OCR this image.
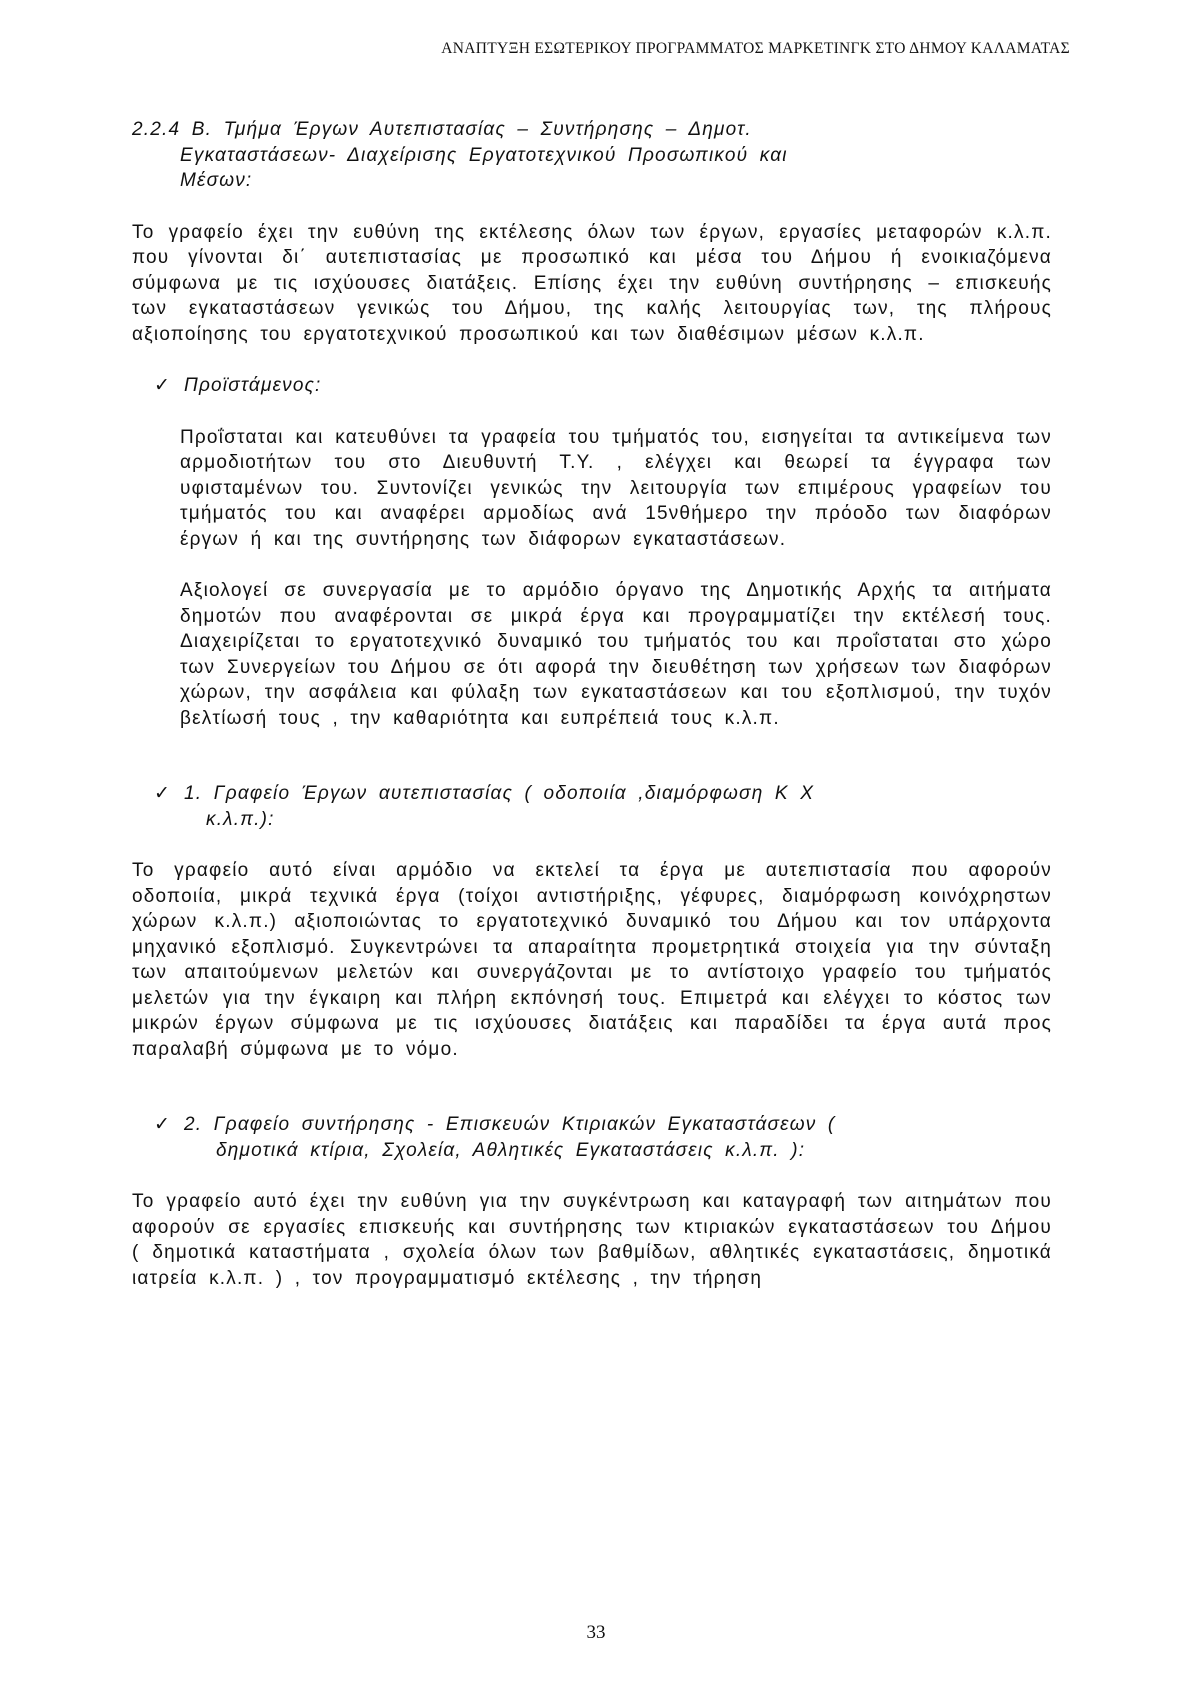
ΑΝΑΠΤΥΞΗ ΕΣΩΤΕΡΙΚΟΥ ΠΡΟΓΡΑΜΜΑΤΟΣ ΜΑΡΚΕΤΙΝΓΚ ΣΤΟ ΔΗΜΟΥ ΚΑΛΑΜΑΤΑΣ

2.2.4 Β. Τμήμα Έργων Αυτεπιστασίας – Συντήρησης – Δημοτ.

Εγκαταστάσεων- Διαχείρισης Εργατοτεχνικού Προσωπικού και

Μέσων:

Το γραφείο έχει την ευθύνη της εκτέλεσης όλων των έργων, εργασίες μεταφορών κ.λ.π. που γίνονται δι΄ αυτεπιστασίας με προσωπικό και μέσα του Δήμου ή ενοικιαζόμενα σύμφωνα με τις ισχύουσες διατάξεις. Επίσης έχει την ευθύνη συντήρησης – επισκευής των εγκαταστάσεων γενικώς του Δήμου, της καλής λειτουργίας των, της πλήρους αξιοποίησης του εργατοτεχνικού προσωπικού και των διαθέσιμων μέσων κ.λ.π.

✓ Προϊστάμενος:

Προΐσταται και κατευθύνει τα γραφεία του τμήματός του, εισηγείται τα αντικείμενα των αρμοδιοτήτων του στο Διευθυντή Τ.Υ. , ελέγχει και θεωρεί τα έγγραφα των υφισταμένων του. Συντονίζει γενικώς την λειτουργία των επιμέρους γραφείων του τμήματός του και αναφέρει αρμοδίως ανά 15νθήμερο την πρόοδο των διαφόρων έργων ή και της συντήρησης των διάφορων εγκαταστάσεων.

Αξιολογεί σε συνεργασία με το αρμόδιο όργανο της Δημοτικής Αρχής τα αιτήματα δημοτών που αναφέρονται σε μικρά έργα και προγραμματίζει την εκτέλεσή τους. Διαχειρίζεται το εργατοτεχνικό δυναμικό του τμήματός του και προΐσταται στο χώρο των Συνεργείων του Δήμου σε ότι αφορά την διευθέτηση των χρήσεων των διαφόρων χώρων, την ασφάλεια και φύλαξη των εγκαταστάσεων και του εξοπλισμού, την τυχόν βελτίωσή τους , την καθαριότητα και ευπρέπειά τους κ.λ.π.

✓ 1. Γραφείο Έργων αυτεπιστασίας ( οδοποιία ,διαμόρφωση Κ Χ

κ.λ.π.):

Το γραφείο αυτό είναι αρμόδιο να εκτελεί τα έργα με αυτεπιστασία που αφορούν οδοποιία, μικρά τεχνικά έργα (τοίχοι αντιστήριξης, γέφυρες, διαμόρφωση κοινόχρηστων χώρων κ.λ.π.) αξιοποιώντας το εργατοτεχνικό δυναμικό του Δήμου και τον υπάρχοντα μηχανικό εξοπλισμό. Συγκεντρώνει τα απαραίτητα προμετρητικά στοιχεία για την σύνταξη των απαιτούμενων μελετών και συνεργάζονται με το αντίστοιχο γραφείο του τμήματός μελετών για την έγκαιρη και πλήρη εκπόνησή τους. Επιμετρά και ελέγχει το κόστος των μικρών έργων σύμφωνα με τις ισχύουσες διατάξεις και παραδίδει τα έργα αυτά προς παραλαβή σύμφωνα με το νόμο.

✓ 2. Γραφείο συντήρησης - Επισκευών Κτιριακών Εγκαταστάσεων (

δημοτικά κτίρια, Σχολεία, Αθλητικές Εγκαταστάσεις κ.λ.π. ):

Το γραφείο αυτό έχει την ευθύνη για την συγκέντρωση και καταγραφή των αιτημάτων που αφορούν σε εργασίες επισκευής και συντήρησης των κτιριακών εγκαταστάσεων του Δήμου ( δημοτικά καταστήματα , σχολεία όλων των βαθμίδων, αθλητικές εγκαταστάσεις, δημοτικά ιατρεία κ.λ.π. ) , τον προγραμματισμό εκτέλεσης , την τήρηση

33
